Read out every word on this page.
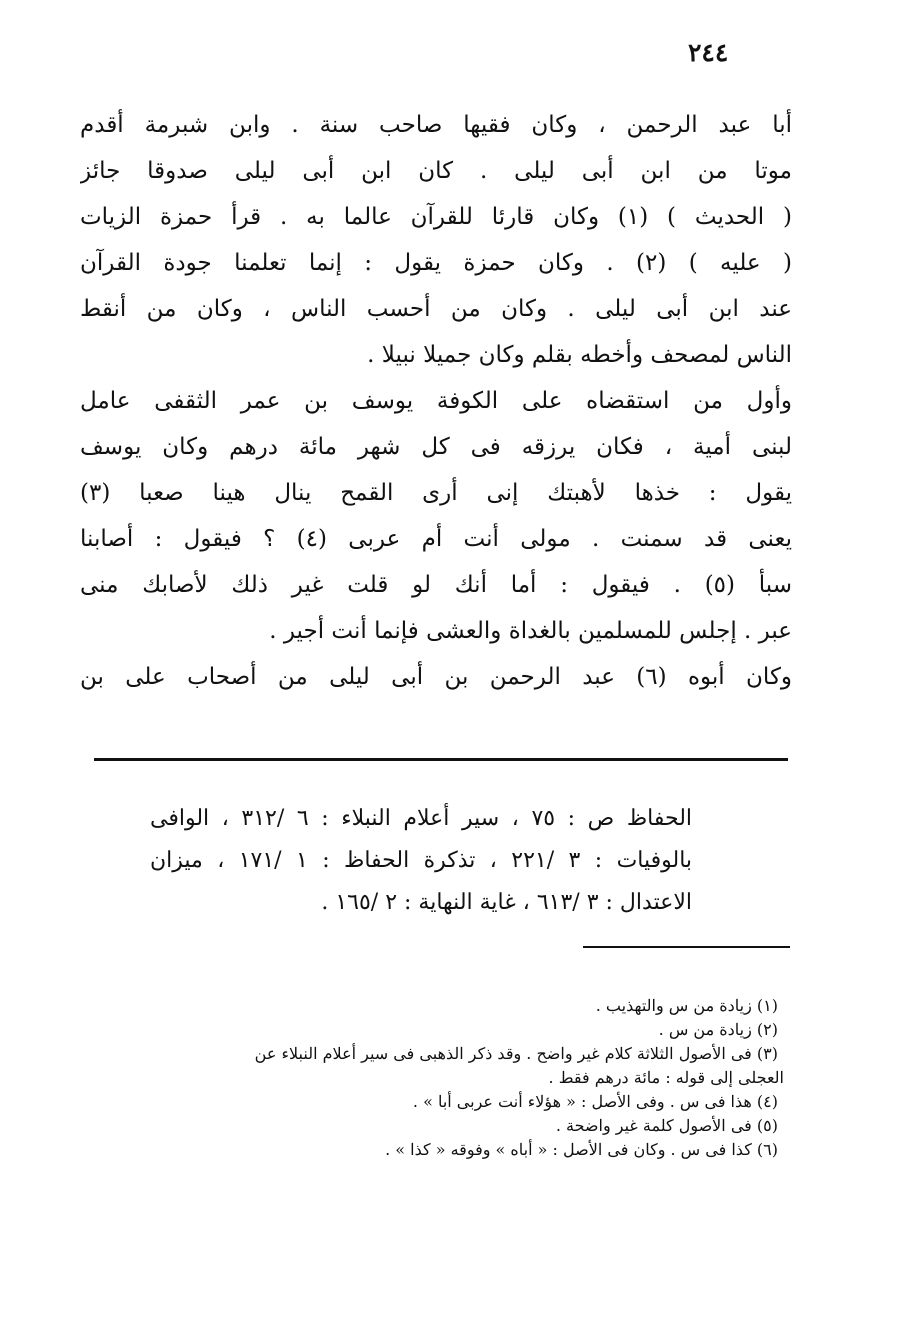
٢٤٤
أبا عبد الرحمن ، وكان فقيها صاحب سنة . وابن شبرمة أقدم
موتا من ابن أبى ليلى . كان ابن أبى ليلى صدوقا جائز
( الحديث ) (١) وكان قارئا للقرآن عالما به . قرأ حمزة الزيات
( عليه ) (٢) . وكان حمزة يقول : إنما تعلمنا جودة القرآن
عند ابن أبى ليلى . وكان من أحسب الناس ، وكان من أنقط
الناس لمصحف وأخطه بقلم وكان جميلا نبيلا .
وأول من استقضاه على الكوفة يوسف بن عمر الثقفى عامل
لبنى أمية ، فكان يرزقه فى كل شهر مائة درهم وكان يوسف
يقول : خذها لأهبتك إنى أرى القمح ينال هينا صعبا (٣)
يعنى قد سمنت . مولى أنت أم عربى (٤) ؟ فيقول : أصابنا
سبأ (٥) . فيقول : أما أنك لو قلت غير ذلك لأصابك منى
عبر . إجلس للمسلمين بالغداة والعشى فإنما أنت أجير .
وكان أبوه (٦) عبد الرحمن بن أبى ليلى من أصحاب على بن
الحفاظ ص : ٧٥ ، سير أعلام النبلاء : ٦ /٣١٢ ، الوافى
بالوفيات : ٣ /٢٢١ ، تذكرة الحفاظ : ١ /١٧١ ، ميزان
الاعتدال : ٣ /٦١٣ ، غاية النهاية : ٢ /١٦٥ .
(١) زيادة من س والتهذيب .
(٢) زيادة من س .
(٣) فى الأصول الثلاثة كلام غير واضح . وقد ذكر الذهبى فى سير أعلام النبلاء عن
العجلى إلى قوله : مائة درهم فقط .
(٤) هذا فى س . وفى الأصل : « هؤلاء أنت عربى أبا » .
(٥) فى الأصول كلمة غير واضحة .
(٦) كذا فى س . وكان فى الأصل : « أباه » وفوقه « كذا » .
